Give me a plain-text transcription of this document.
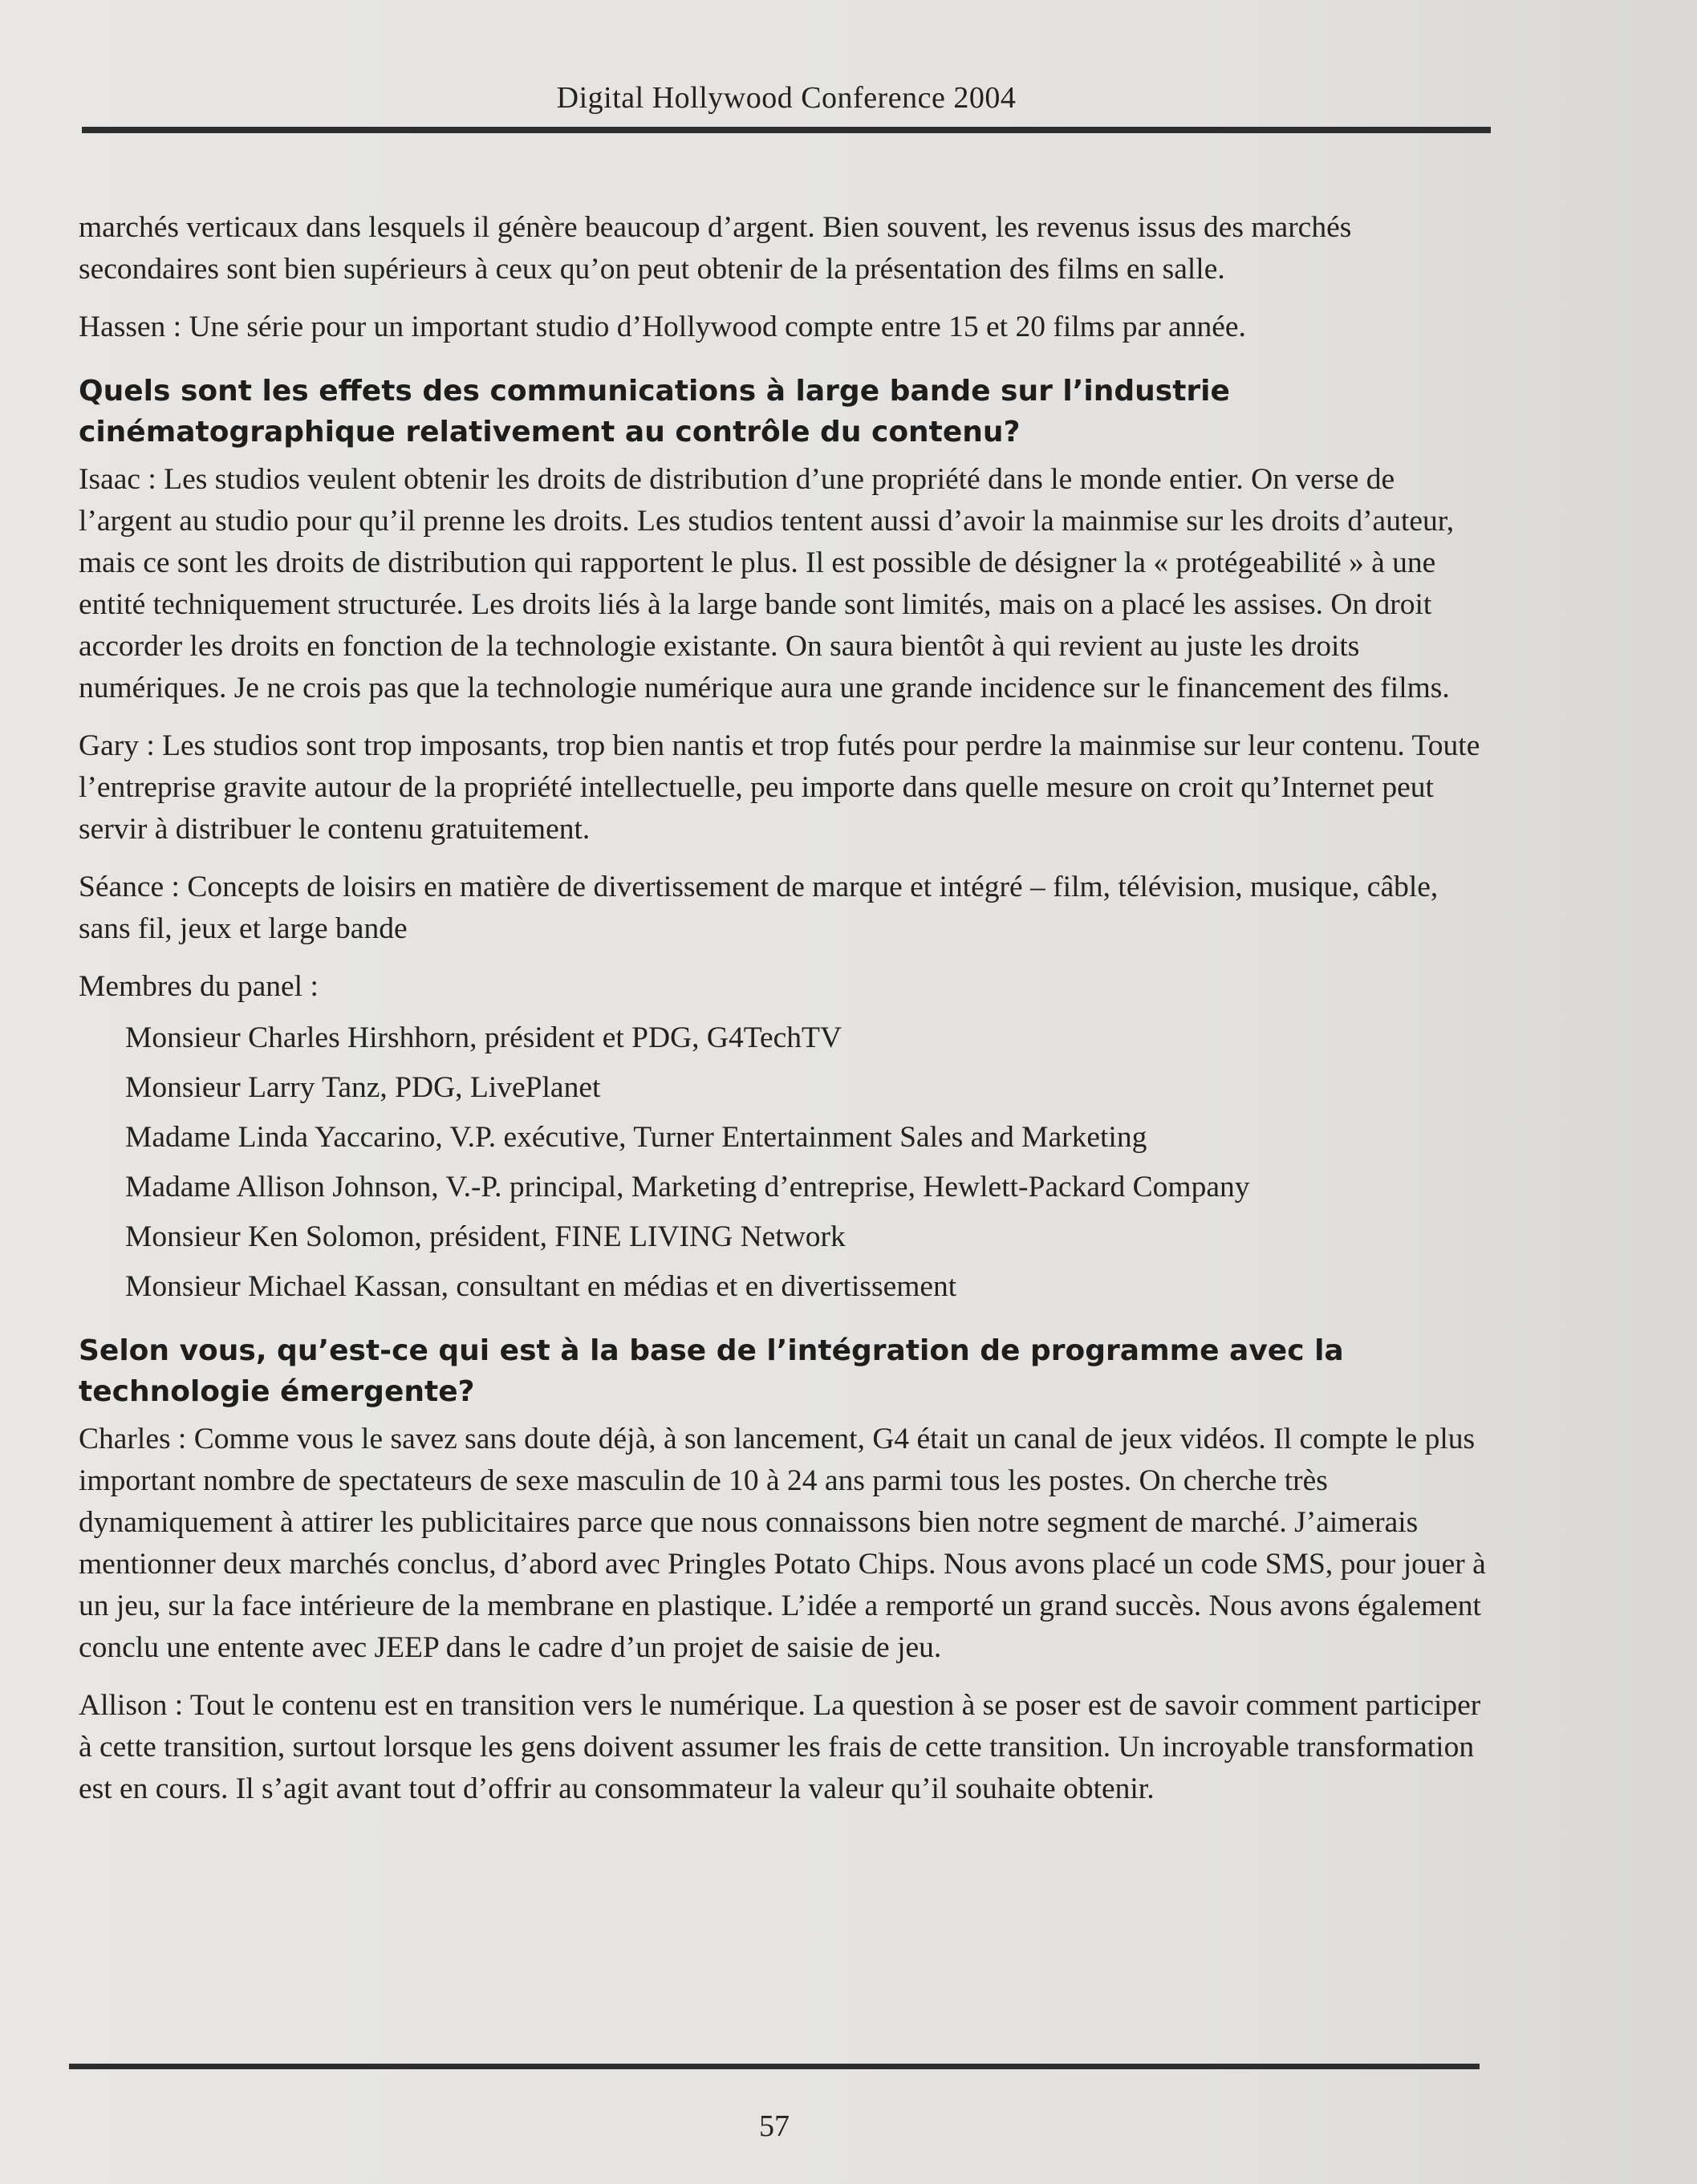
Digital Hollywood Conference 2004

marchés verticaux dans lesquels il génère beaucoup d’argent. Bien souvent, les revenus issus des marchés secondaires sont bien supérieurs à ceux qu’on peut obtenir de la présentation des films en salle.

Hassen : Une série pour un important studio d’Hollywood compte entre 15 et 20 films par année.

Quels sont les effets des communications à large bande sur l’industrie cinématographique relativement au contrôle du contenu?

Isaac : Les studios veulent obtenir les droits de distribution d’une propriété dans le monde entier. On verse de l’argent au studio pour qu’il prenne les droits. Les studios tentent aussi d’avoir la mainmise sur les droits d’auteur, mais ce sont les droits de distribution qui rapportent le plus. Il est possible de désigner la « protégeabilité » à une entité techniquement structurée. Les droits liés à la large bande sont limités, mais on a placé les assises. On droit accorder les droits en fonction de la technologie existante. On saura bientôt à qui revient au juste les droits numériques. Je ne crois pas que la technologie numérique aura une grande incidence sur le financement des films.

Gary : Les studios sont trop imposants, trop bien nantis et trop futés pour perdre la mainmise sur leur contenu. Toute l’entreprise gravite autour de la propriété intellectuelle, peu importe dans quelle mesure on croit qu’Internet peut servir à distribuer le contenu gratuitement.

Séance : Concepts de loisirs en matière de divertissement de marque et intégré – film, télévision, musique, câble, sans fil, jeux et large bande

Membres du panel :

Monsieur Charles Hirshhorn, président et PDG, G4TechTV
Monsieur Larry Tanz, PDG, LivePlanet
Madame Linda Yaccarino, V.P. exécutive, Turner Entertainment Sales and Marketing
Madame Allison Johnson, V.-P. principal, Marketing d’entreprise, Hewlett-Packard Company
Monsieur Ken Solomon, président, FINE LIVING Network
Monsieur Michael Kassan, consultant en médias et en divertissement
Selon vous, qu’est-ce qui est à la base de l’intégration de programme avec la technologie émergente?

Charles : Comme vous le savez sans doute déjà, à son lancement, G4 était un canal de jeux vidéos. Il compte le plus important nombre de spectateurs de sexe masculin de 10 à 24 ans parmi tous les postes. On cherche très dynamiquement à attirer les publicitaires parce que nous connaissons bien notre segment de marché. J’aimerais mentionner deux marchés conclus, d’abord avec Pringles Potato Chips. Nous avons placé un code SMS, pour jouer à un jeu, sur la face intérieure de la membrane en plastique. L’idée a remporté un grand succès. Nous avons également conclu une entente avec JEEP dans le cadre d’un projet de saisie de jeu.

Allison : Tout le contenu est en transition vers le numérique. La question à se poser est de savoir comment participer à cette transition, surtout lorsque les gens doivent assumer les frais de cette transition. Un incroyable transformation est en cours. Il s’agit avant tout d’offrir au consommateur la valeur qu’il souhaite obtenir.

57
